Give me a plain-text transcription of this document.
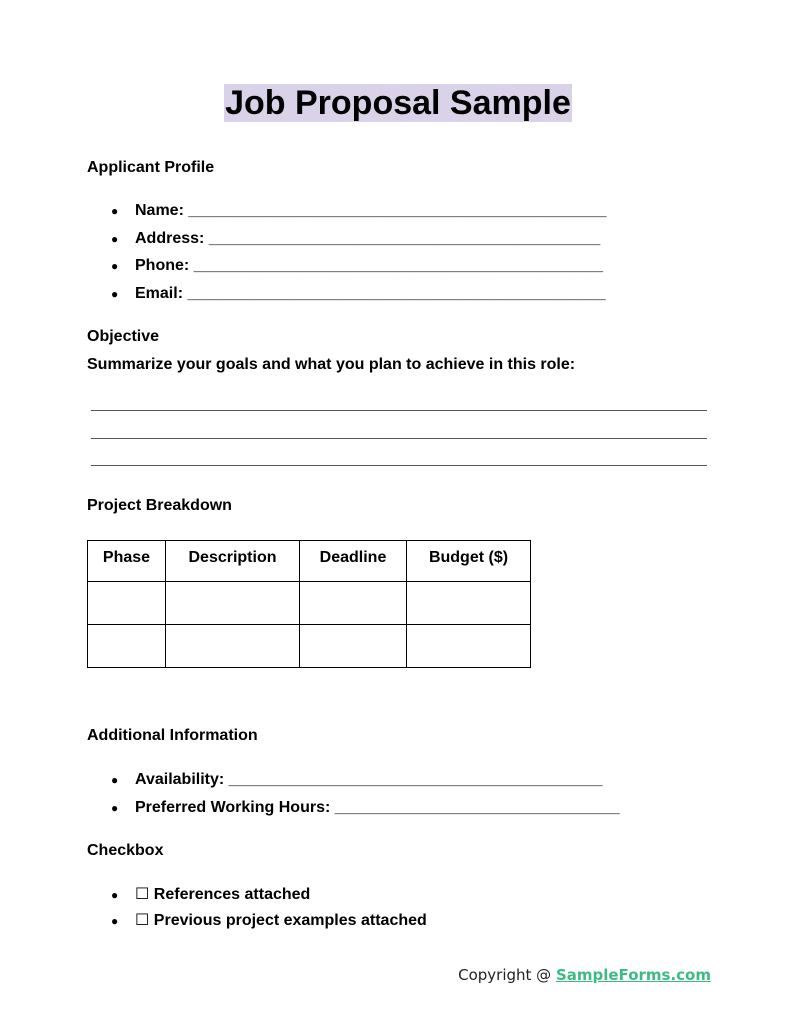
Job Proposal Sample
Applicant Profile
● Name: _______________________________________________
● Address: ____________________________________________
● Phone: ______________________________________________
● Email: _______________________________________________
Objective
Summarize your goals and what you plan to achieve in this role:
Project Breakdown
Phase	Description	Deadline	Budget ($)

Additional Information
● Availability: __________________________________________
● Preferred Working Hours: ________________________________
Checkbox
● ☐ References attached
● ☐ Previous project examples attached
Copyright @ SampleForms.com
